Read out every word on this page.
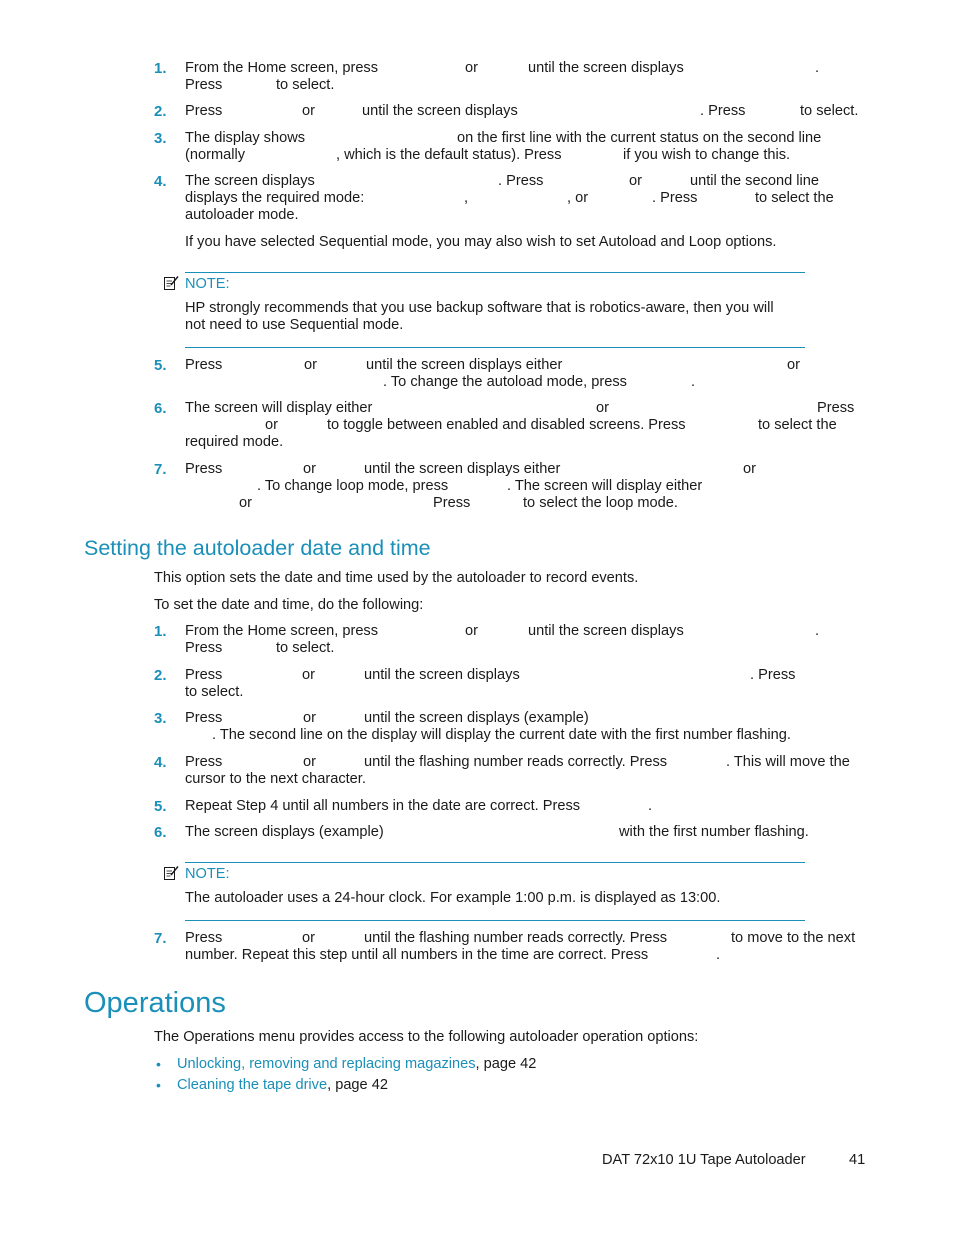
1. From the Home screen, press	or	until the screen displays	.
Press	to select.
2. Press	or	until the screen displays	. Press	to select.
3. The display shows	on the first line with the current status on the second line
(normally	, which is the default status). Press	if you wish to change this.
4. The screen displays	. Press	or	until the second line
displays the required mode:	,	, or	. Press	to select the
autoloader mode.
If you have selected Sequential mode, you may also wish to set Autoload and Loop options.
NOTE:
HP strongly recommends that you use backup software that is robotics-aware, then you will
not need to use Sequential mode.
5. Press	or	until the screen displays either	or
. To change the autoload mode, press	.
6. The screen will display either	or	Press
or	to toggle between enabled and disabled screens. Press	to select the
required mode.
7. Press	or	until the screen displays either	or
. To change loop mode, press	. The screen will display either
or	Press	to select the loop mode.
Setting the autoloader date and time
This option sets the date and time used by the autoloader to record events.
To set the date and time, do the following:
1. From the Home screen, press	or	until the screen displays	.
Press	to select.
2. Press	or	until the screen displays	. Press
to select.
3. Press	or	until the screen displays (example)
. The second line on the display will display the current date with the first number flashing.
4. Press	or	until the flashing number reads correctly. Press	. This will move the
cursor to the next character.
5. Repeat Step 4 until all numbers in the date are correct. Press	.
6. The screen displays (example)	with the first number flashing.
NOTE:
The autoloader uses a 24-hour clock. For example 1:00 p.m. is displayed as 13:00.
7. Press	or	until the flashing number reads correctly. Press	to move to the next
number. Repeat this step until all numbers in the time are correct. Press	.
Operations
The Operations menu provides access to the following autoloader operation options:
• Unlocking, removing and replacing magazines, page 42
• Cleaning the tape drive, page 42
DAT 72x10 1U Tape Autoloader	41
